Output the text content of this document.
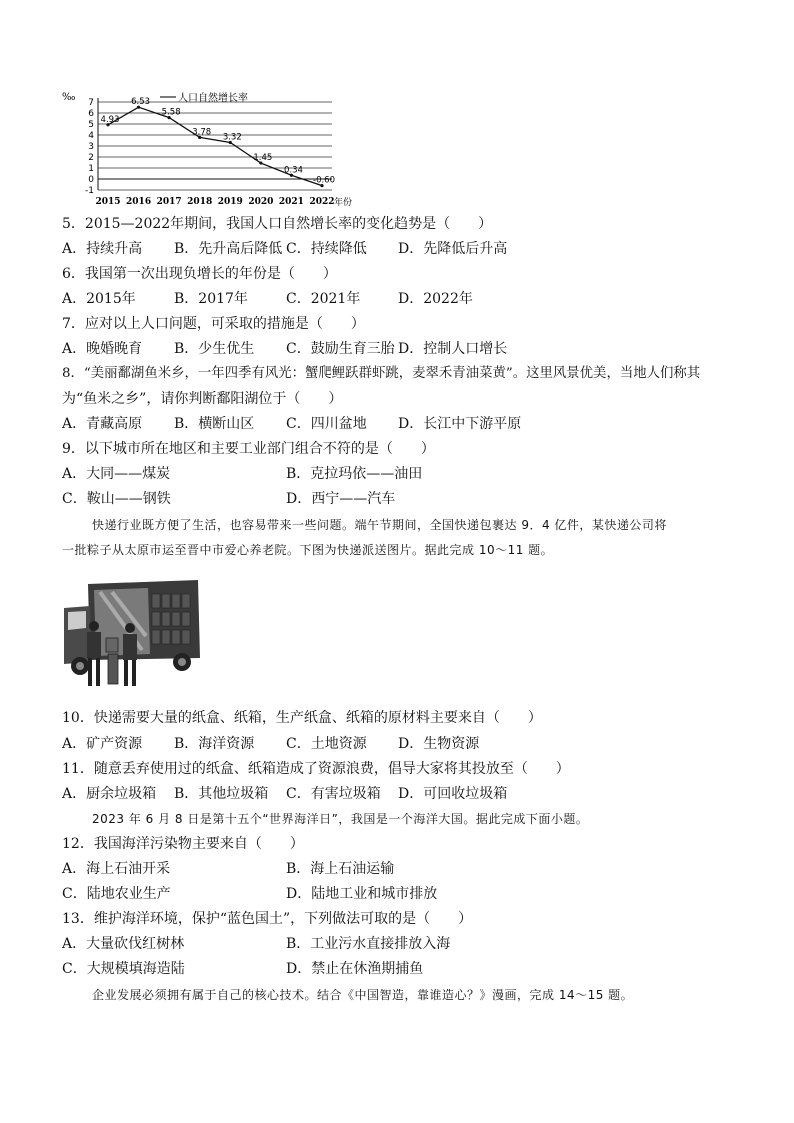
-1
0
1
2
3
4
5
6
7
2015 2016 2017 2018 2019 2020 2021 2022
4.93
6.53
5.58
3.78
3.32
1.45
0.34
-0.60
‰	人口自然增长率
年份
5．2015—2022年期间，我国人口自然增长率的变化趋势是（　　）
A．持续升高 B．先升高后降低 C．持续降低 D．先降低后升高
6．我国第一次出现负增长的年份是（　　）
A．2015年	B．2017年	C．2021年	D．2022年
7．应对以上人口问题，可采取的措施是（　　）
A．晚婚晚育 B．少生优生 C．鼓励生育三胎 D．控制人口增长
8．“美丽鄱湖鱼米乡，一年四季有风光：蟹爬鲤跃群虾跳，麦翠禾青油菜黄”。这里风景优美，当地人们称其
为“鱼米之乡”，请你判断鄱阳湖位于（　　）
A．青藏高原 B．横断山区 C．四川盆地 D．长江中下游平原
9．以下城市所在地区和主要工业部门组合不符的是（　　）
A．大同——煤炭	B．克拉玛依——油田
C．鞍山——钢铁	D．西宁——汽车
快递行业既方便了生活，也容易带来一些问题。端午节期间，全国快递包裹达 9．4 亿件，某快递公司将
一批粽子从太原市运至晋中市爱心养老院。下图为快递派送图片。据此完成 10～11 题。
10．快递需要大量的纸盒、纸箱，生产纸盒、纸箱的原材料主要来自（　　）
A．矿产资源 B．海洋资源 C．土地资源 D．生物资源
11．随意丢弃使用过的纸盒、纸箱造成了资源浪费，倡导大家将其投放至（　　）
A．厨余垃圾箱 B．其他垃圾箱 C．有害垃圾箱 D．可回收垃圾箱
2023 年 6 月 8 日是第十五个“世界海洋日”，我国是一个海洋大国。据此完成下面小题。
12．我国海洋污染物主要来自（　　）
A．海上石油开采	B．海上石油运输
C．陆地农业生产	D．陆地工业和城市排放
13．维护海洋环境，保护“蓝色国土”，下列做法可取的是（　　）
A．大量砍伐红树林	B．工业污水直接排放入海
C．大规模填海造陆	D．禁止在休渔期捕鱼
企业发展必须拥有属于自己的核心技术。结合《中国智造，靠谁造心？》漫画，完成 14～15 题。
